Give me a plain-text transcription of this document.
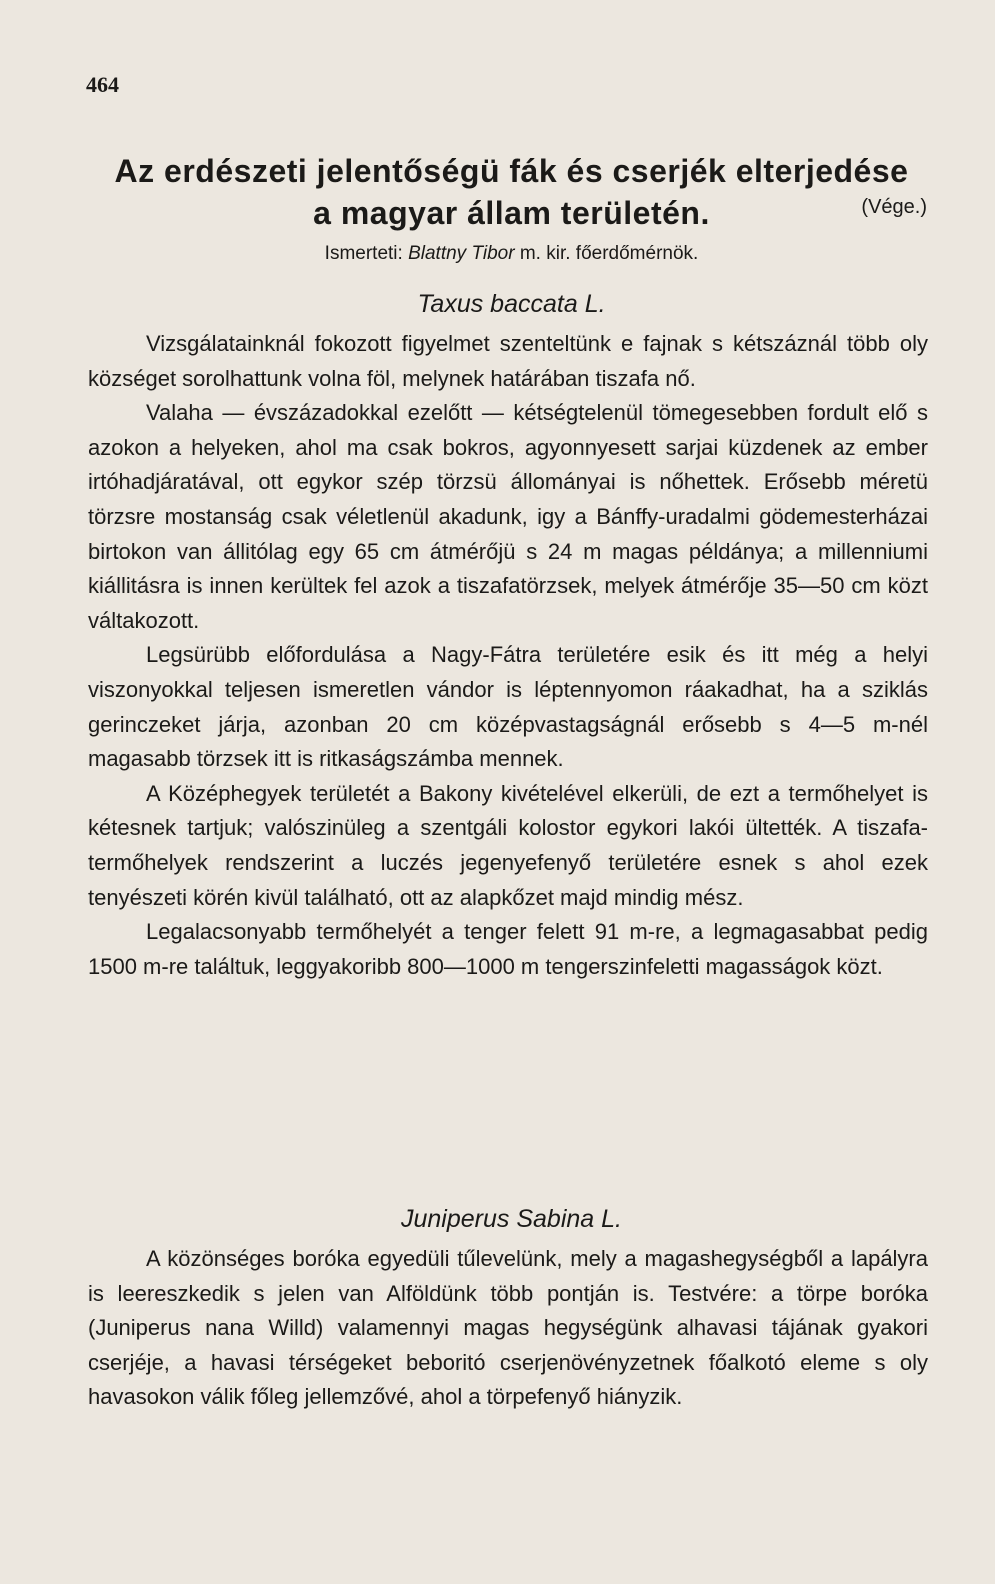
464
Az erdészeti jelentőségü fák és cserjék elterjedése
a magyar állam területén.	(Vége.)
Ismerteti: Blattny Tibor m. kir. főerdőmérnök.
Taxus baccata L.

Vizsgálatainknál fokozott figyelmet szenteltünk e fajnak s kétszáznál több oly községet sorolhattunk volna föl, melynek határában tiszafa nő.

Valaha — évszázadokkal ezelőtt — kétségtelenül tömegesebben fordult elő s azokon a helyeken, ahol ma csak bokros, agyonnyesett sarjai küzdenek az ember irtóhadjáratával, ott egykor szép törzsü állományai is nőhettek. Erősebb méretü törzsre mostanság csak véletlenül akadunk, igy a Bánffy-uradalmi gödemesterházai birtokon van állitólag egy 65 cm átmérőjü s 24 m magas példánya; a millenniumi kiállitásra is innen kerültek fel azok a tiszafatörzsek, melyek átmérője 35—50 cm közt váltakozott.

Legsürübb előfordulása a Nagy-Fátra területére esik és itt még a helyi viszonyokkal teljesen ismeretlen vándor is léptennyomon ráakadhat, ha a sziklás gerinczeket járja, azonban 20 cm középvastagságnál erősebb s 4—5 m-nél magasabb törzsek itt is ritkaságszámba mennek.

A Középhegyek területét a Bakony kivételével elkerüli, de ezt a termőhelyet is kétesnek tartjuk; valószinüleg a szentgáli kolostor egykori lakói ültették. A tiszafa-termőhelyek rendszerint a luczés jegenyefenyő területére esnek s ahol ezek tenyészeti körén kivül található, ott az alapkőzet majd mindig mész.

Legalacsonyabb termőhelyét a tenger felett 91 m-re, a legmagasabbat pedig 1500 m-re találtuk, leggyakoribb 800—1000 m tengerszinfeletti magasságok közt.

Juniperus Sabina L.

A közönséges boróka egyedüli tűlevelünk, mely a magashegységből a lapályra is leereszkedik s jelen van Alföldünk több pontján is. Testvére: a törpe boróka (Juniperus nana Willd) valamennyi magas hegységünk alhavasi tájának gyakori cserjéje, a havasi térségeket beboritó cserjenövényzetnek főalkotó eleme s oly havasokon válik főleg jellemzővé, ahol a törpefenyő hiányzik.
